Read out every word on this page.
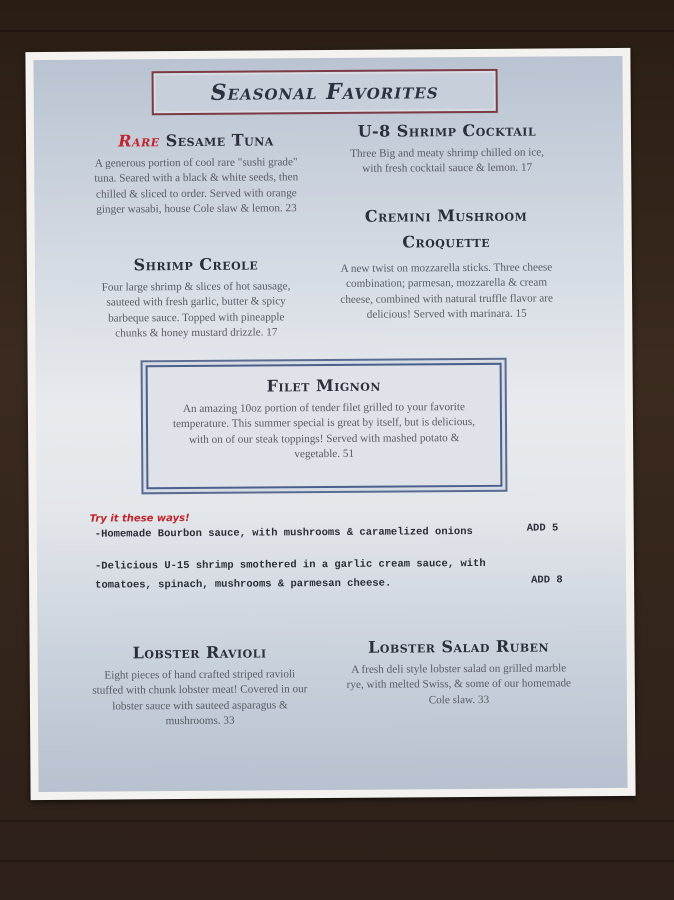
Seasonal Favorites
Rare Sesame Tuna
A generous portion of cool rare "sushi grade" tuna. Seared with a black & white seeds, then chilled & sliced to order. Served with orange ginger wasabi, house Cole slaw & lemon. 23
U-8 Shrimp Cocktail
Three Big and meaty shrimp chilled on ice, with fresh cocktail sauce & lemon. 17
Shrimp Creole
Four large shrimp & slices of hot sausage, sauteed with fresh garlic, butter & spicy barbeque sauce. Topped with pineapple chunks & honey mustard drizzle. 17
Cremini Mushroom Croquette
A new twist on mozzarella sticks. Three cheese combination; parmesan, mozzarella & cream cheese, combined with natural truffle flavor are delicious! Served with marinara. 15
Filet Mignon
An amazing 10oz portion of tender filet grilled to your favorite temperature. This summer special is great by itself, but is delicious, with on of our steak toppings! Served with mashed potato & vegetable. 51
Try it these ways!
-Homemade Bourbon sauce, with mushrooms & caramelized onions	ADD 5
-Delicious U-15 shrimp smothered in a garlic cream sauce, with
tomatoes, spinach, mushrooms & parmesan cheese.	ADD 8
Lobster Ravioli
Eight pieces of hand crafted striped ravioli stuffed with chunk lobster meat! Covered in our lobster sauce with sauteed asparagus & mushrooms. 33
Lobster Salad Ruben
A fresh deli style lobster salad on grilled marble rye, with melted Swiss, & some of our homemade Cole slaw. 33
